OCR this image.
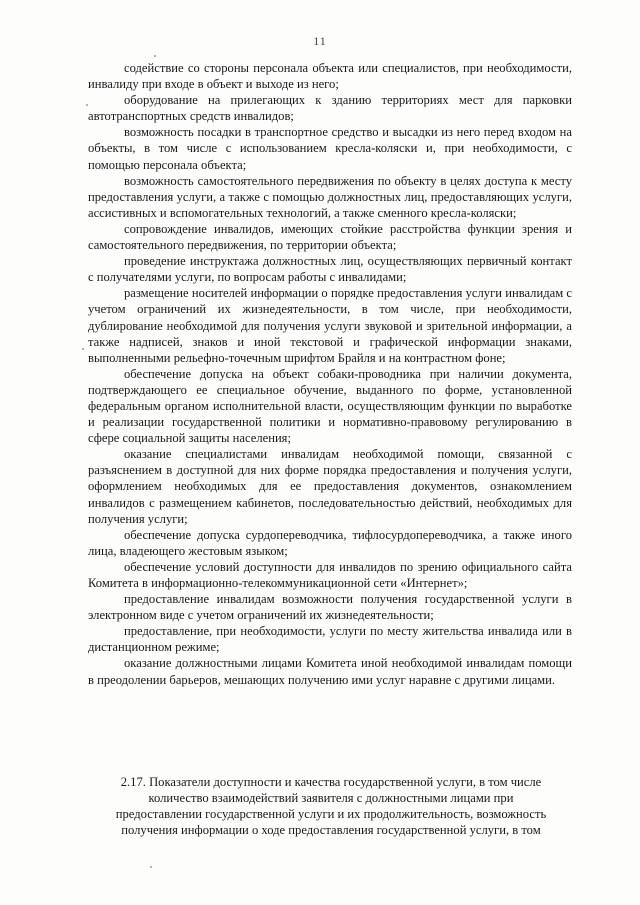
11

содействие со стороны персонала объекта или специалистов, при необходимости, инвалиду при входе в объект и выходе из него;

оборудование на прилегающих к зданию территориях мест для парковки автотранспортных средств инвалидов;

возможность посадки в транспортное средство и высадки из него перед входом на объекты, в том числе с использованием кресла-коляски и, при необходимости, с помощью персонала объекта;

возможность самостоятельного передвижения по объекту в целях доступа к месту предоставления услуги, а также с помощью должностных лиц, предоставляющих услуги, ассистивных и вспомогательных технологий, а также сменного кресла-коляски;

сопровождение инвалидов, имеющих стойкие расстройства функции зрения и самостоятельного передвижения, по территории объекта;

проведение инструктажа должностных лиц, осуществляющих первичный контакт с получателями услуги, по вопросам работы с инвалидами;

размещение носителей информации о порядке предоставления услуги инвалидам с учетом ограничений их жизнедеятельности, в том числе, при необходимости, дублирование необходимой для получения услуги звуковой и зрительной информации, а также надписей, знаков и иной текстовой и графической информации знаками, выполненными рельефно-точечным шрифтом Брайля и на контрастном фоне;

обеспечение допуска на объект собаки-проводника при наличии документа, подтверждающего ее специальное обучение, выданного по форме, установленной федеральным органом исполнительной власти, осуществляющим функции по выработке и реализации государственной политики и нормативно-правовому регулированию в сфере социальной защиты населения;

оказание специалистами инвалидам необходимой помощи, связанной с разъяснением в доступной для них форме порядка предоставления и получения услуги, оформлением необходимых для ее предоставления документов, ознакомлением инвалидов с размещением кабинетов, последовательностью действий, необходимых для получения услуги;

обеспечение допуска сурдопереводчика, тифлосурдопереводчика, а также иного лица, владеющего жестовым языком;

обеспечение условий доступности для инвалидов по зрению официального сайта Комитета в информационно-телекоммуникационной сети «Интернет»;

предоставление инвалидам возможности получения государственной услуги в электронном виде с учетом ограничений их жизнедеятельности;

предоставление, при необходимости, услуги по месту жительства инвалида или в дистанционном режиме;

оказание должностными лицами Комитета иной необходимой инвалидам помощи в преодолении барьеров, мешающих получению ими услуг наравне с другими лицами.

2.17. Показатели доступности и качества государственной услуги, в том числе

количество взаимодействий заявителя с должностными лицами при

предоставлении государственной услуги и их продолжительность, возможность

получения информации о ходе предоставления государственной услуги, в том
